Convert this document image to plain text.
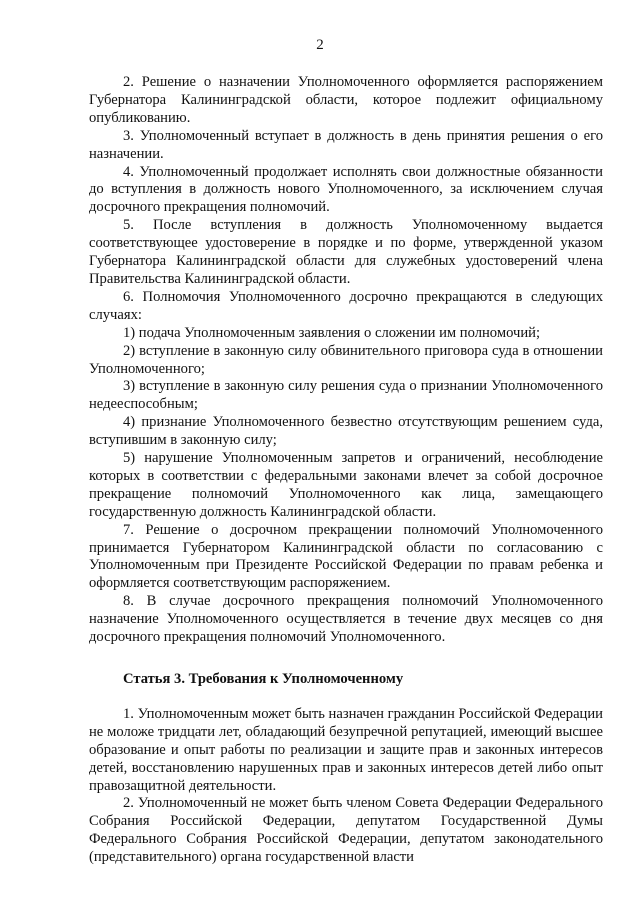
2

2. Решение о назначении Уполномоченного оформляется распоряжением Губернатора Калининградской области, которое подлежит официальному опубликованию.

3. Уполномоченный вступает в должность в день принятия решения о его назначении.

4. Уполномоченный продолжает исполнять свои должностные обязанности до вступления в должность нового Уполномоченного, за исключением случая досрочного прекращения полномочий.

5. После вступления в должность Уполномоченному выдается соответствующее удостоверение в порядке и по форме, утвержденной указом Губернатора Калининградской области для служебных удостоверений члена Правительства Калининградской области.

6. Полномочия Уполномоченного досрочно прекращаются в следующих случаях:

1) подача Уполномоченным заявления о сложении им полномочий;

2) вступление в законную силу обвинительного приговора суда в отношении Уполномоченного;

3) вступление в законную силу решения суда о признании Уполномоченного недееспособным;

4) признание Уполномоченного безвестно отсутствующим решением суда, вступившим в законную силу;

5) нарушение Уполномоченным запретов и ограничений, несоблюдение которых в соответствии с федеральными законами влечет за собой досрочное прекращение полномочий Уполномоченного как лица, замещающего государственную должность Калининградской области.

7. Решение о досрочном прекращении полномочий Уполномоченного принимается Губернатором Калининградской области по согласованию с Уполномоченным при Президенте Российской Федерации по правам ребенка и оформляется соответствующим распоряжением.

8. В случае досрочного прекращения полномочий Уполномоченного назначение Уполномоченного осуществляется в течение двух месяцев со дня досрочного прекращения полномочий Уполномоченного.

Статья 3. Требования к Уполномоченному

1. Уполномоченным может быть назначен гражданин Российской Федерации не моложе тридцати лет, обладающий безупречной репутацией, имеющий высшее образование и опыт работы по реализации и защите прав и законных интересов детей, восстановлению нарушенных прав и законных интересов детей либо опыт правозащитной деятельности.

2. Уполномоченный не может быть членом Совета Федерации Федерального Собрания Российской Федерации, депутатом Государственной Думы Федерального Собрания Российской Федерации, депутатом законодательного (представительного) органа государственной власти
